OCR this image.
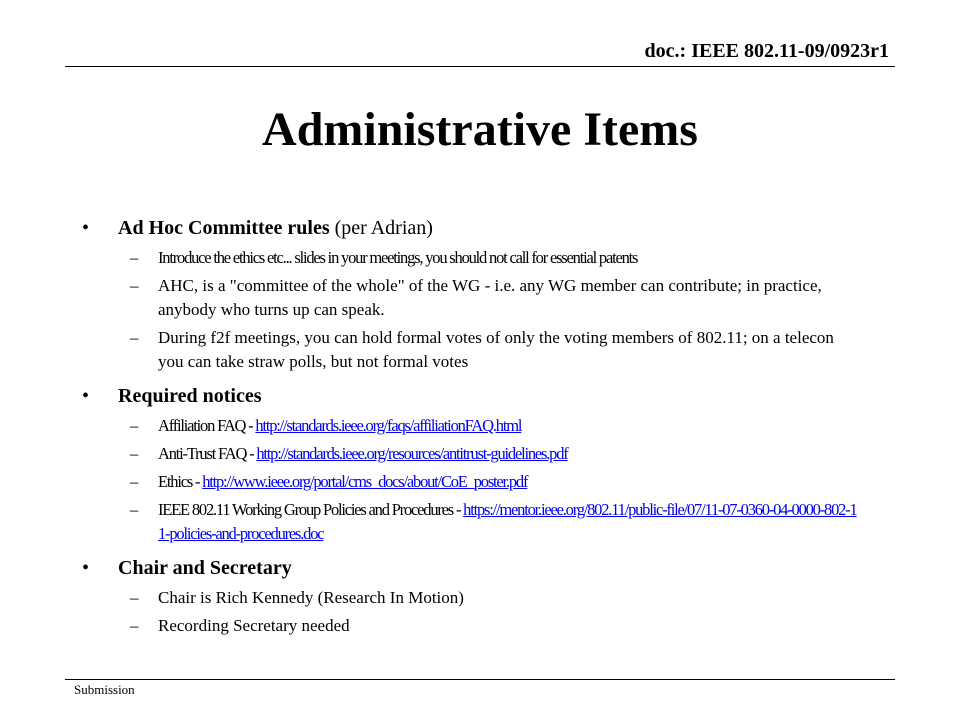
doc.: IEEE 802.11-09/0923r1
Administrative Items
•	Ad Hoc Committee rules (per Adrian)
–	Introduce the ethics etc... slides in your meetings, you should not call for essential patents
–	AHC, is a "committee of the whole" of the WG - i.e. any WG member can contribute; in practice, anybody who turns up can speak.
–	During f2f meetings, you can hold formal votes of only the voting members of 802.11; on a telecon you can take straw polls, but not formal votes
•	Required notices
–	Affiliation FAQ - http://standards.ieee.org/faqs/affiliationFAQ.html
–	Anti-Trust FAQ - http://standards.ieee.org/resources/antitrust-guidelines.pdf
–	Ethics - http://www.ieee.org/portal/cms_docs/about/CoE_poster.pdf
–	IEEE 802.11 Working Group Policies and Procedures - https://mentor.ieee.org/802.11/public-file/07/11-07-0360-04-0000-802-11-policies-and-procedures.doc
•	Chair and Secretary
–	Chair is Rich Kennedy (Research In Motion)
–	Recording Secretary needed
Submission
